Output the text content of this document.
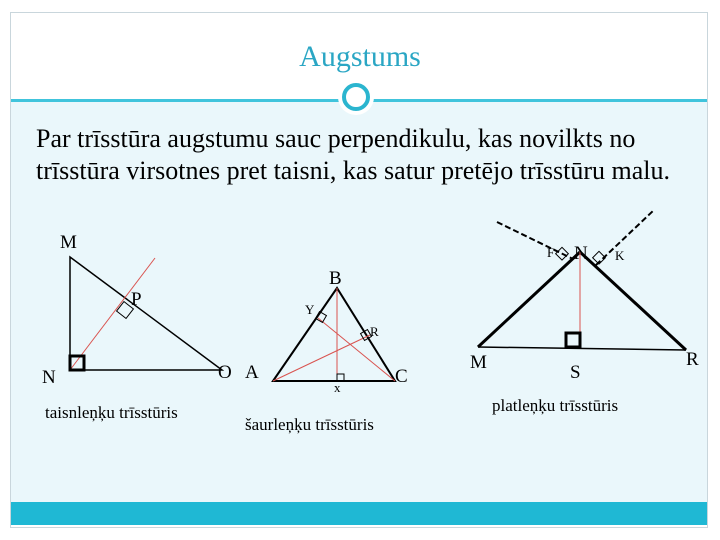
Augstums

Par trīsstūra augstumu sauc perpendikulu, kas novilkts no trīsstūra virsotnes pret taisni, kas satur pretējo trīsstūru malu.

M
P
N	O
taisnleņķu trīsstūris
B
Y
R
A
x
C
šaurleņķu trīsstūris
F N K
M	S
R
platleņķu trīsstūris
